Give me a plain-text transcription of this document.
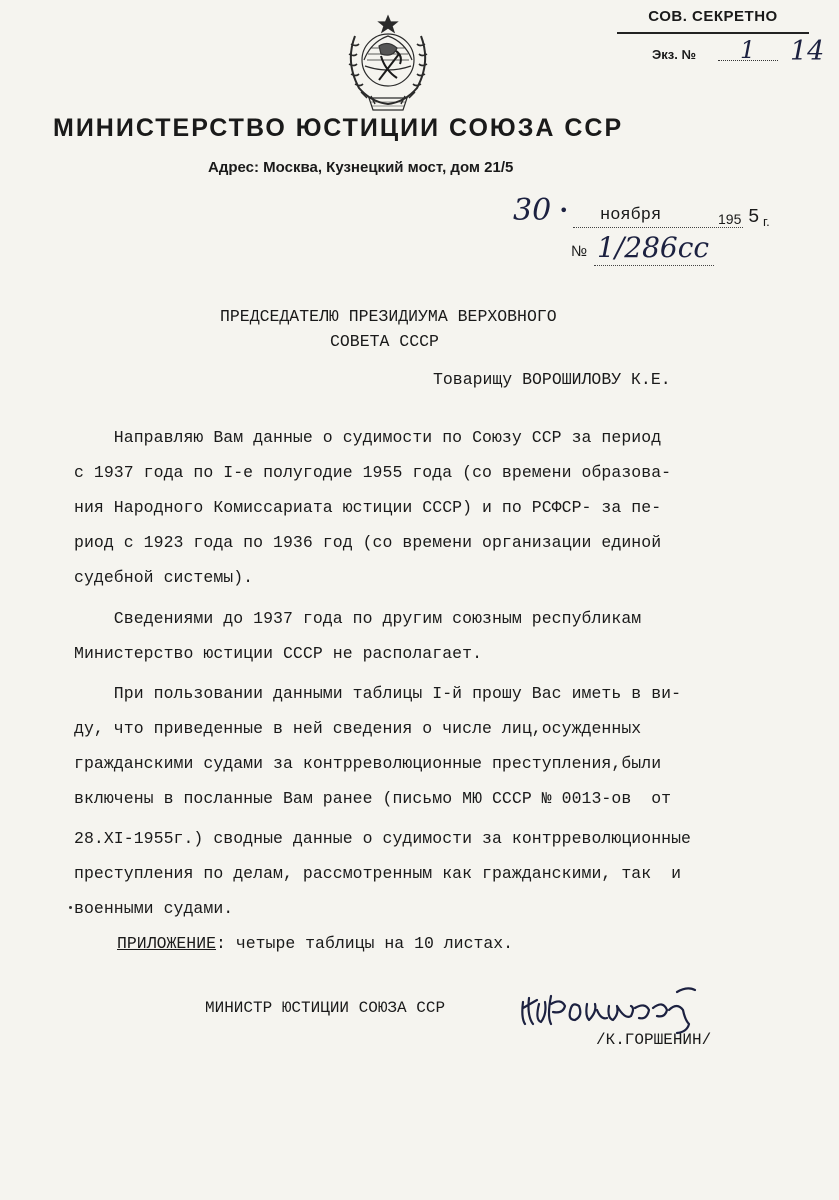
СОВ. СЕКРЕТНО
Экз. № 1 14
МИНИСТЕРСТВО ЮСТИЦИИ СОЮЗА ССР
Адрес: Москва, Кузнецкий мост, дом 21/5
30 • ноября	195 5 г.
№ 1/286сс
ПРЕДСЕДАТЕЛЮ ПРЕЗИДИУМА ВЕРХОВНОГО
СОВЕТА СССР
Товарищу ВОРОШИЛОВУ К.Е.
Направляю Вам данные о судимости по Союзу ССР за период
с 1937 года по I-е полугодие 1955 года (со времени образова-
ния Народного Комиссариата юстиции СССР) и по РСФСР- за пе-
риод с 1923 года по 1936 год (со времени организации единой
судебной системы).
Сведениями до 1937 года по другим союзным республикам
Министерство юстиции СССР не располагает.
При пользовании данными таблицы I-й прошу Вас иметь в ви-
ду, что приведенные в ней сведения о числе лиц,осужденных
гражданскими судами за контрреволюционные преступления,были
включены в посланные Вам ранее (письмо МЮ СССР № 0013-ов  от
28.XI-1955г.) сводные данные о судимости за контрреволюционные
преступления по делам, рассмотренным как гражданскими, так  и
военными судами.
ПРИЛОЖЕНИЕ: четыре таблицы на 10 листах.
МИНИСТР ЮСТИЦИИ СОЮЗА ССР
/К.ГОРШЕНИН/
